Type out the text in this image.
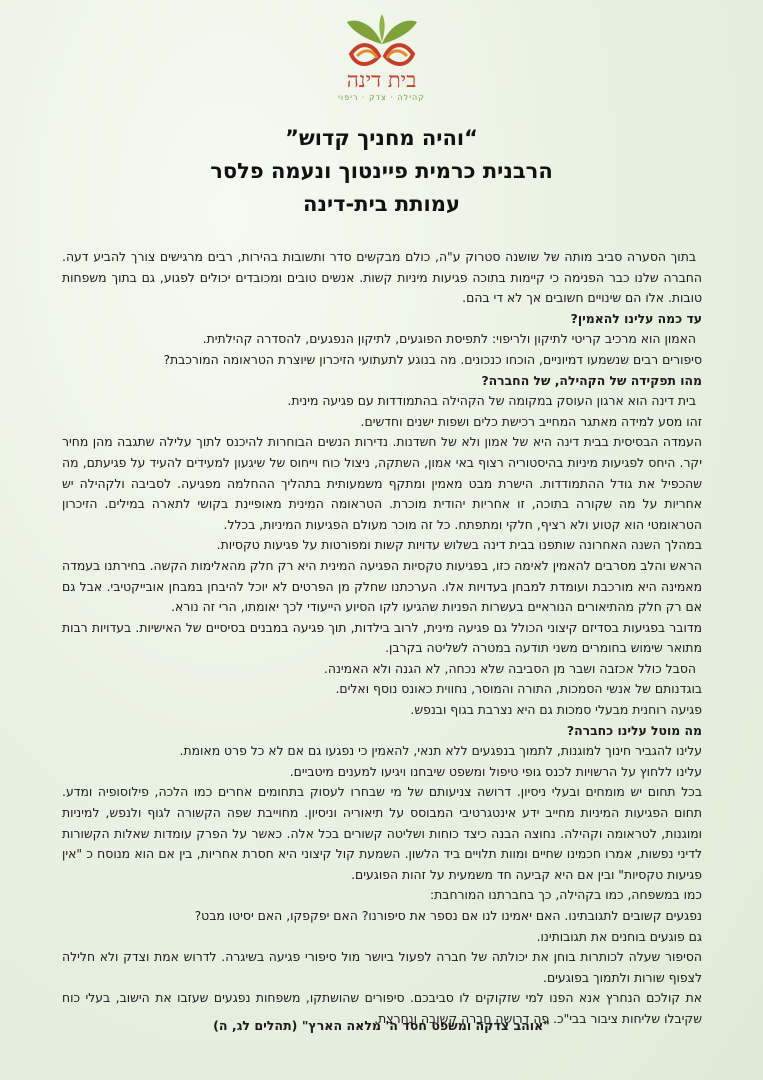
בית דינה
קהילה · צדק · ריפוי
“והיה מחניך קדוש”
הרבנית כרמית פיינטוך ונעמה פלסר
עמותת בית-דינה

בתוך הסערה סביב מותה של שושנה סטרוק ע"ה, כולם מבקשים סדר ותשובות בהירות, רבים מרגישים צורך להביע דעה. החברה שלנו כבר הפנימה כי קיימות בתוכה פגיעות מיניות קשות. אנשים טובים ומכובדים יכולים לפגוע, גם בתוך משפחות טובות. אלו הם שינויים חשובים אך לא די בהם.

עד כמה עלינו להאמין?

האמון הוא מרכיב קריטי לתיקון ולריפוי: לתפיסת הפוגעים, לתיקון הנפגעים, להסדרה קהילתית.

סיפורים רבים שנשמעו דמיוניים, הוכחו כנכונים. מה בנוגע לתעתועי הזיכרון שיוצרת הטראומה המורכבת?

מהו תפקידה של הקהילה, של החברה?

בית דינה הוא ארגון העוסק במקומה של הקהילה בהתמודדות עם פגיעה מינית.

זהו מסע למידה מאתגר המחייב רכישת כלים ושפות ישנים וחדשים.

העמדה הבסיסית בבית דינה היא של אמון ולא של חשדנות. נדירות הנשים הבוחרות להיכנס לתוך עלילה שתגבה מהן מחיר יקר. היחס לפגיעות מיניות בהיסטוריה רצוף באי אמון, השתקה, ניצול כוח וייחוס של שיגעון למעידים להעיד על פגיעתם, מה שהכפיל את גודל ההתמודדות. הישרת מבט מאמין ומתקף משמעותית בתהליך ההחלמה מפגיעה. לסביבה ולקהילה יש אחריות על מה שקורה בתוכה, זו אחריות יהודית מוכרת. הטראומה המינית מאופיינת בקושי לתארה במילים. הזיכרון הטראומטי הוא קטוע ולא רציף, חלקי ומתפתח. כל זה מוכר מעולם הפגיעות המיניות, בכלל.

במהלך השנה האחרונה שותפנו בבית דינה בשלוש עדויות קשות ומפורטות על פגיעות טקסיות.

הראש והלב מסרבים להאמין לאימה כזו, בפגיעות טקסיות הפגיעה המינית היא רק חלק מהאלימות הקשה. בחירתנו בעמדה מאמינה היא מורכבת ועומדת למבחן בעדויות אלו. הערכתנו שחלק מן הפרטים לא יוכל להיבחן במבחן אובייקטיבי. אבל גם אם רק חלק מהתיאורים הנוראיים בעשרות הפניות שהגיעו לקו הסיוע הייעודי לכך יאומתו, הרי זה נורא.

מדובר בפגיעות בסדיזם קיצוני הכולל גם פגיעה מינית, לרוב בילדות, תוך פגיעה במבנים בסיסיים של האישיות. בעדויות רבות מתואר שימוש בחומרים משני תודעה במטרה לשליטה בקרבן.

הסבל כולל אכזבה ושבר מן הסביבה שלא נכחה, לא הגנה ולא האמינה.

בוגדנותם של אנשי הסמכות, התורה והמוסר, נחווית כאונס נוסף ואלים.

פגיעה רוחנית מבעלי סמכות גם היא נצרבת בגוף ובנפש.

מה מוטל עלינו כחברה?

עלינו להגביר חינוך למוגנות, לתמוך בנפגעים ללא תנאי, להאמין כי נפגעו גם אם לא כל פרט מאומת.

עלינו ללחוץ על הרשויות לכנס גופי טיפול ומשפט שיבחנו ויגיעו למענים מיטביים.

בכל תחום יש מומחים ובעלי ניסיון. דרושה צניעותם של מי שבחרו לעסוק בתחומים אחרים כמו הלכה, פילוסופיה ומדע. תחום הפגיעות המיניות מחייב ידע אינטגרטיבי המבוסס על תיאוריה וניסיון. מחוייבת שפה הקשורה לגוף ולנפש, למיניות ומוגנות, לטראומה וקהילה. נחוצה הבנה כיצד כוחות ושליטה קשורים בכל אלה. כאשר על הפרק עומדות שאלות הקשורות לדיני נפשות, אמרו חכמינו שחיים ומוות תלויים ביד הלשון. השמעת קול קיצוני היא חסרת אחריות, בין אם הוא מנוסח כ "אין פגיעות טקסיות" ובין אם היא קביעה חד משמעית על זהות הפוגעים.

כמו במשפחה, כמו בקהילה, כך בחברתנו המורחבת:

נפגעים קשובים לתגובתינו. האם יאמינו לנו אם נספר את סיפורנו? האם יפקפקו, האם יסיטו מבט?

גם פוגעים בוחנים את תגובותינו.

הסיפור שעלה לכותרות בוחן את יכולתה של חברה לפעול ביושר מול סיפורי פגיעה בשיגרה. לדרוש אמת וצדק ולא חלילה לצפוף שורות ולתמוך בפוגעים.

את קולכם הנחרץ אנא הפנו למי שזקוקים לו סביבכם. סיפורים שהושתקו, משפחות נפגעים שעזבו את הישוב, בעלי כוח שקיבלו שליחות ציבור בבי"כ. פה דרושה חברה קשובה ונחרצת.

"אוהב צדקה ומשפט חסד ה' מלאה הארץ" (תהלים לג, ה)
